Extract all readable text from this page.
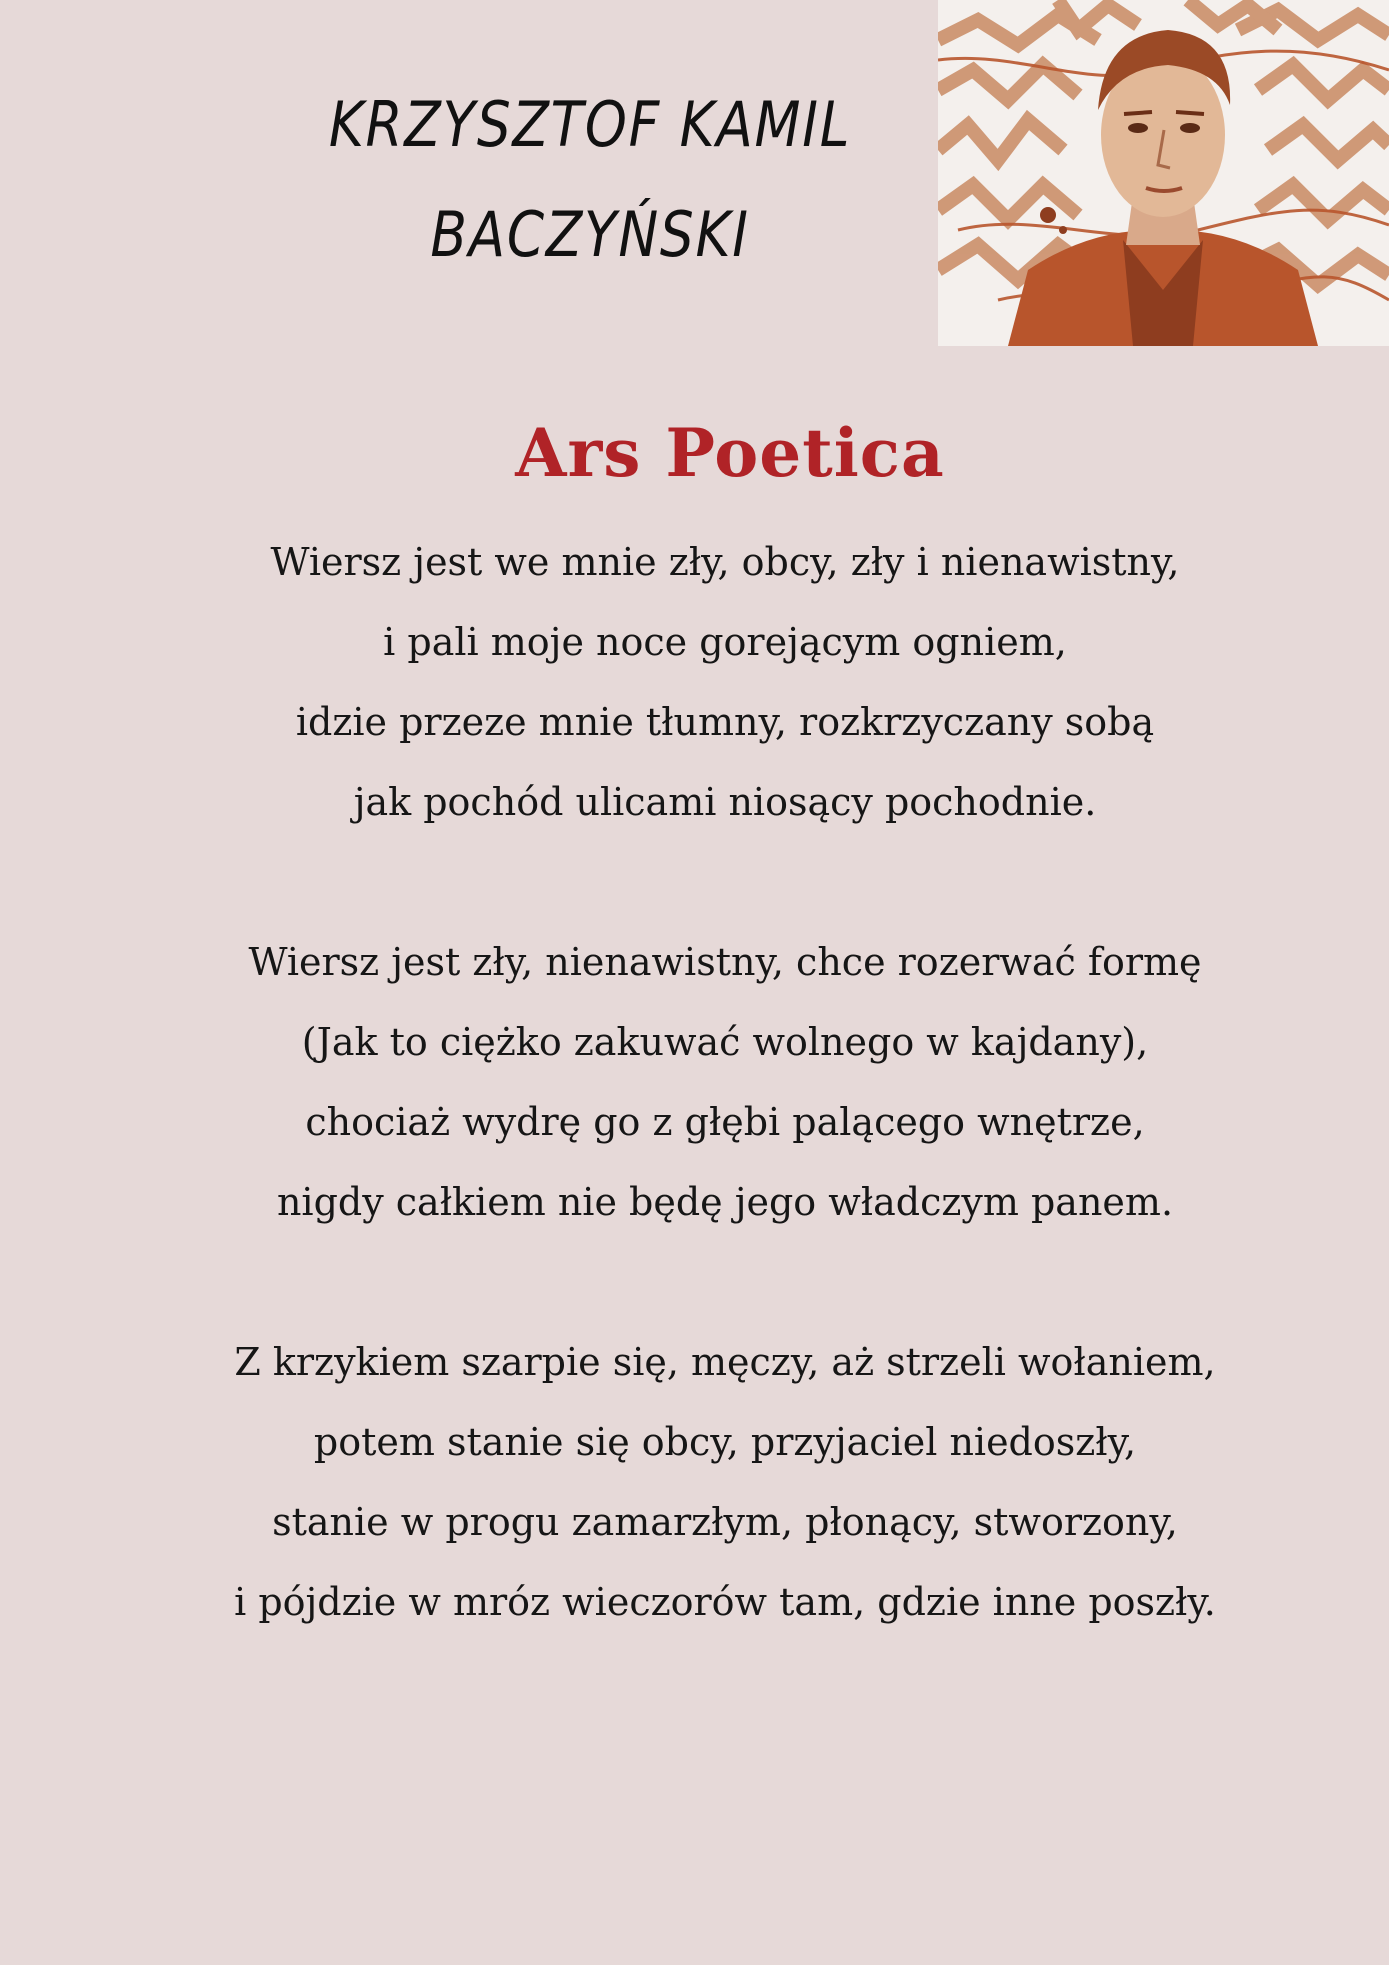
KRZYSZTOF KAMIL
BACZYŃSKI
Ars Poetica
Wiersz jest we mnie zły, obcy, zły i nienawistny,
i pali moje noce gorejącym ogniem,
idzie przeze mnie tłumny, rozkrzyczany sobą
jak pochód ulicami niosący pochodnie.
Wiersz jest zły, nienawistny, chce rozerwać formę
(Jak to ciężko zakuwać wolnego w kajdany),
chociaż wydrę go z głębi palącego wnętrze,
nigdy całkiem nie będę jego władczym panem.
Z krzykiem szarpie się, męczy, aż strzeli wołaniem,
potem stanie się obcy, przyjaciel niedoszły,
stanie w progu zamarzłym, płonący, stworzony,
i pójdzie w mróz wieczorów tam, gdzie inne poszły.
